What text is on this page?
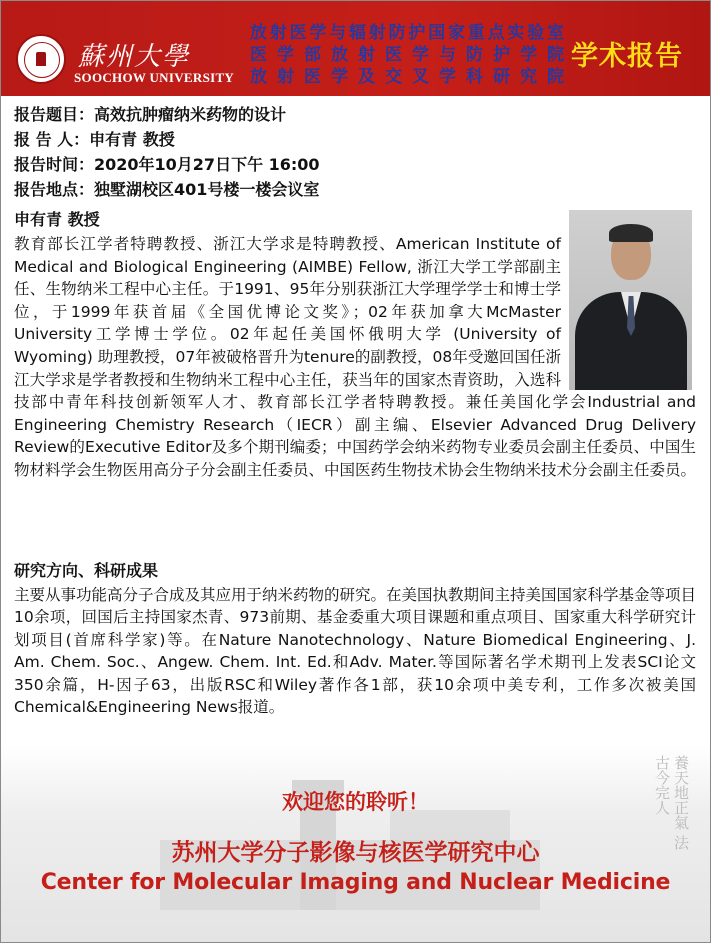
蘇州大學
SOOCHOW UNIVERSITY
放射医学与辐射防护国家重点实验室
医学部放射医学与防护学院
放射医学及交叉学科研究院
学术报告
报告题目：高效抗肿瘤纳米药物的设计
报 告 人：申有青 教授
报告时间：2020年10月27日下午 16:00
报告地点：独墅湖校区401号楼一楼会议室
申有青 教授
教育部长江学者特聘教授、浙江大学求是特聘教授、American Institute of Medical and Biological Engineering (AIMBE) Fellow, 浙江大学工学部副主任、生物纳米工程中心主任。于1991、95年分别获浙江大学理学学士和博士学位，于1999年获首届《全国优博论文奖》；02年获加拿大McMaster University工学博士学位。02年起任美国怀俄明大学 (University of Wyoming) 助理教授，07年被破格晋升为tenure的副教授，08年受邀回国任浙江大学求是学者教授和生物纳米工程中心主任，获当年的国家杰青资助，入选科技部中青年科技创新领军人才、教育部长江学者特聘教授。兼任美国化学会Industrial and Engineering Chemistry Research（IECR）副主编、Elsevier Advanced Drug Delivery Review的Executive Editor及多个期刊编委；中国药学会纳米药物专业委员会副主任委员、中国生物材料学会生物医用高分子分会副主任委员、中国医药生物技术协会生物纳米技术分会副主任委员。
研究方向、科研成果
主要从事功能高分子合成及其应用于纳米药物的研究。在美国执教期间主持美国国家科学基金等项目10余项，回国后主持国家杰青、973前期、基金委重大项目课题和重点项目、国家重大科学研究计划项目(首席科学家)等。在Nature Nanotechnology、Nature Biomedical Engineering、J. Am. Chem. Soc.、Angew. Chem. Int. Ed.和Adv. Mater.等国际著名学术期刊上发表SCI论文350余篇，H-因子63，出版RSC和Wiley著作各1部，获10余项中美专利，工作多次被美国Chemical&Engineering News报道。
養天地正氣 法古今完人
欢迎您的聆听！
苏州大学分子影像与核医学研究中心
Center for Molecular Imaging and Nuclear Medicine
